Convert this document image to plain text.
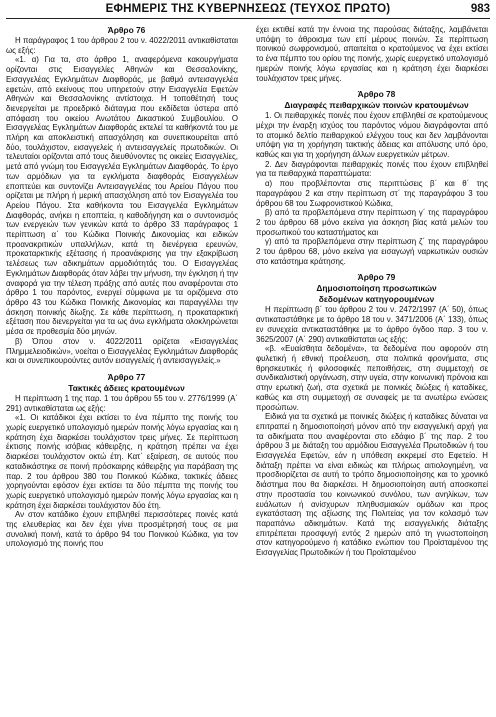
ΕΦΗΜΕΡΙΣ ΤΗΣ ΚΥΒΕΡΝΗΣΕΩΣ (ΤΕΥΧΟΣ ΠΡΩΤΟ)	983

Άρθρο 76

Η παράγραφος 1 του άρθρου 2 του ν. 4022/2011 αντικαθίσταται ως εξής:

«1. α) Για τα, στο άρθρο 1, αναφερόμενα κακουργήματα ορίζονται στις Εισαγγελίες Αθηνών και Θεσσαλονίκης, Εισαγγελέας Εγκλημάτων Διαφθοράς, με βαθμό αντεισαγγελέα εφετών, από εκείνους που υπηρετούν στην Εισαγγελία Εφετών Αθηνών και Θεσσαλονίκης αντίστοιχα. Η τοποθέτησή τους διενεργείται με προεδρικό διάταγμα που εκδίδεται ύστερα από απόφαση του οικείου Ανωτάτου Δικαστικού Συμβουλίου. Ο Εισαγγελέας Εγκλημάτων Διαφθοράς εκτελεί τα καθήκοντά του με πλήρη και αποκλειστική απασχόληση και συνεπικουρείται από δύο, τουλάχιστον, εισαγγελείς ή αντεισαγγελείς πρωτοδικών. Οι τελευταίοι ορίζονται από τους διευθύνοντες τις οικείες Εισαγγελίες, μετά από γνώμη του Εισαγγελέα Εγκλημάτων Διαφθοράς. Το έργο των αρμόδιων για τα εγκλήματα διαφθοράς Εισαγγελέων εποπτεύει και συντονίζει Αντεισαγγελέας του Αρείου Πάγου που ορίζεται με πλήρη ή μερική απασχόληση από τον Εισαγγελέα του Αρείου Πάγου. Στα καθήκοντα του Εισαγγελέα Εγκλημάτων Διαφθοράς, ανήκει η εποπτεία, η καθοδήγηση και ο συντονισμός των ενεργειών των γενικών κατά το άρθρο 33 παράγραφος 1 περίπτωση α΄ του Κώδικα Ποινικής Δικονομίας και ειδικών προανακριτικών υπαλλήλων, κατά τη διενέργεια ερευνών, προκαταρκτικής εξέτασης ή προανάκρισης για την εξακρίβωση τελέσεως των αδικημάτων αρμοδιότητάς του. Ο Εισαγγελέας Εγκλημάτων Διαφθοράς όταν λάβει την μήνυση, την έγκληση ή την αναφορά για την τέλεση πράξης από αυτές που αναφέρονται στο άρθρο 1 του παρόντος, ενεργεί σύμφωνα με τα οριζόμενα στο άρθρο 43 του Κώδικα Ποινικής Δικονομίας και παραγγέλλει την άσκηση ποινικής δίωξης. Σε κάθε περίπτωση, η προκαταρκτική εξέταση που διενεργείται για τα ως άνω εγκλήματα ολοκληρώνεται μέσα σε προθεσμία δύο μηνών.

β) Όπου στον ν. 4022/2011 ορίζεται «Εισαγγελέας Πλημμελειοδικών», νοείται ο Εισαγγελέας Εγκλημάτων Διαφθοράς και οι συνεπικουρούντες αυτόν εισαγγελείς ή αντεισαγγελείς.»

Άρθρο 77

Τακτικές άδειες κρατουμένων

Η περίπτωση 1 της παρ. 1 του άρθρου 55 του ν. 2776/1999 (Α΄ 291) αντικαθίσταται ως εξής:

«1. Οι κατάδικοι έχει εκτίσει το ένα πέμπτο της ποινής του χωρίς ευεργετικό υπολογισμό ημερών ποινής λόγω εργασίας και η κράτηση έχει διαρκέσει τουλάχιστον τρεις μήνες. Σε περίπτωση έκτισης ποινής ισόβιας κάθειρξης, η κράτηση πρέπει να έχει διαρκέσει τουλάχιστον οκτώ έτη. Κατ΄ εξαίρεση, σε αυτούς που καταδικάστηκε σε ποινή πρόσκαιρης κάθειρξης για παράβαση της παρ. 2 του άρθρου 380 του Ποινικού Κώδικα, τακτικές άδειες χορηγούνται εφόσον έχει εκτίσει τα δύο πέμπτα της ποινής του χωρίς ευεργετικό υπολογισμό ημερών ποινής λόγω εργασίας και η κράτηση έχει διαρκέσει τουλάχιστον δύο έτη.

Αν στον κατάδικο έχουν επιβληθεί περισσότερες ποινές κατά της ελευθερίας και δεν έχει γίνει προσμέτρησή τους σε μια συνολική ποινή, κατά το άρθρο 94 του Ποινικού Κώδικα, για τον υπολογισμό της ποινής που

έχει εκτιθεί κατά την έννοια της παρούσας διάταξης, λαμβάνεται υπόψη το άθροισμα των επί μέρους ποινών. Σε περίπτωση ποινικού σωφρονισμού, απαιτείται ο κρατούμενος να έχει εκτίσει το ένα πέμπτο του ορίου της ποινής, χωρίς ευεργετικό υπολογισμό ημερών ποινής λόγω εργασίας και η κράτηση έχει διαρκέσει τουλάχιστον τρεις μήνες.

Άρθρο 78

Διαγραφές πειθαρχικών ποινών κρατουμένων

1. Οι πειθαρχικές ποινές που έχουν επιβληθεί σε κρατούμενους μέχρι την έναρξη ισχύος του παρόντος νόμου διαγράφονται από το ατομικό δελτίο πειθαρχικού ελέγχου τους και δεν λαμβάνονται υπόψη για τη χορήγηση τακτικής άδειας και απόλυσης υπό όρο, καθώς και για τη χορήγηση άλλων ευεργετικών μέτρων.

2. Δεν διαγράφονται πειθαρχικές ποινές που έχουν επιβληθεί για τα πειθαρχικά παραπτώματα:

α) που προβλέπονται στις περιπτώσεις β΄ και θ΄ της παραγράφου 2 και στην περίπτωση στ΄ της παραγράφου 3 του άρθρου 68 του Σωφρονιστικού Κώδικα,

β) από τα προβλεπόμενα στην περίπτωση γ΄ της παραγράφου 2 του άρθρου 68 μόνο εκείνα για άσκηση βίας κατά μελών του προσωπικού του καταστήματος και

γ) από τα προβλεπόμενα στην περίπτωση ζ΄ της παραγράφου 2 του άρθρου 68, μόνο εκείνα για εισαγωγή ναρκωτικών ουσιών στο κατάστημα κράτησης.

Άρθρο 79

Δημοσιοποίηση προσωπικών

δεδομένων κατηγορουμένων

Η περίπτωση β΄ του άρθρου 2 του ν. 2472/1997 (Α΄ 50), όπως αντικαταστάθηκε με το άρθρο 18 του ν. 3471/2006 (Α΄ 133), όπως εν συνεχεία αντικαταστάθηκε με το άρθρο όγδοο παρ. 3 του ν. 3625/2007 (Α΄ 290) αντικαθίσταται ως εξής:

«β. «Ευαίσθητα δεδομένα», τα δεδομένα που αφορούν στη φυλετική ή εθνική προέλευση, στα πολιτικά φρονήματα, στις θρησκευτικές ή φιλοσοφικές πεποιθήσεις, στη συμμετοχή σε συνδικαλιστική οργάνωση, στην υγεία, στην κοινωνική πρόνοια και στην ερωτική ζωή, στα σχετικά με ποινικές διώξεις ή καταδίκες, καθώς και στη συμμετοχή σε συναφείς με τα ανωτέρω ενώσεις προσώπων.

Ειδικά για τα σχετικά με ποινικές διώξεις ή καταδίκες δύναται να επιτραπεί η δημοσιοποίησή μόνον από την εισαγγελική αρχή για τα αδικήματα που αναφέρονται στο εδάφιο β΄ της παρ. 2 του άρθρου 3 με διάταξη του αρμόδιου Εισαγγελέα Πρωτοδικών ή του Εισαγγελέα Εφετών, εάν η υπόθεση εκκρεμεί στο Εφετείο. Η διάταξη πρέπει να είναι ειδικώς και πλήρως αιτιολογημένη, να προσδιορίζεται σε αυτή το τρόπο δημοσιοποίησης και το χρονικό διάστημα που θα διαρκέσει. Η δημοσιοποίηση αυτή αποσκοπεί στην προστασία του κοινωνικού συνόλου, των ανηλίκων, των ευάλωτων ή ανίσχυρων πληθυσμιακών ομάδων και προς εγκατάσταση της αξίωσης της Πολιτείας για τον κολασμό των παραπάνω αδικημάτων. Κατά της εισαγγελικής διάταξης επιτρέπεται προσφυγή εντός 2 ημερών από τη γνωστοποίηση στον κατηγορούμενο ή κατάδικο ενώπιον του Προϊσταμένου της Εισαγγελίας Πρωτοδικών ή του Προϊσταμένου
